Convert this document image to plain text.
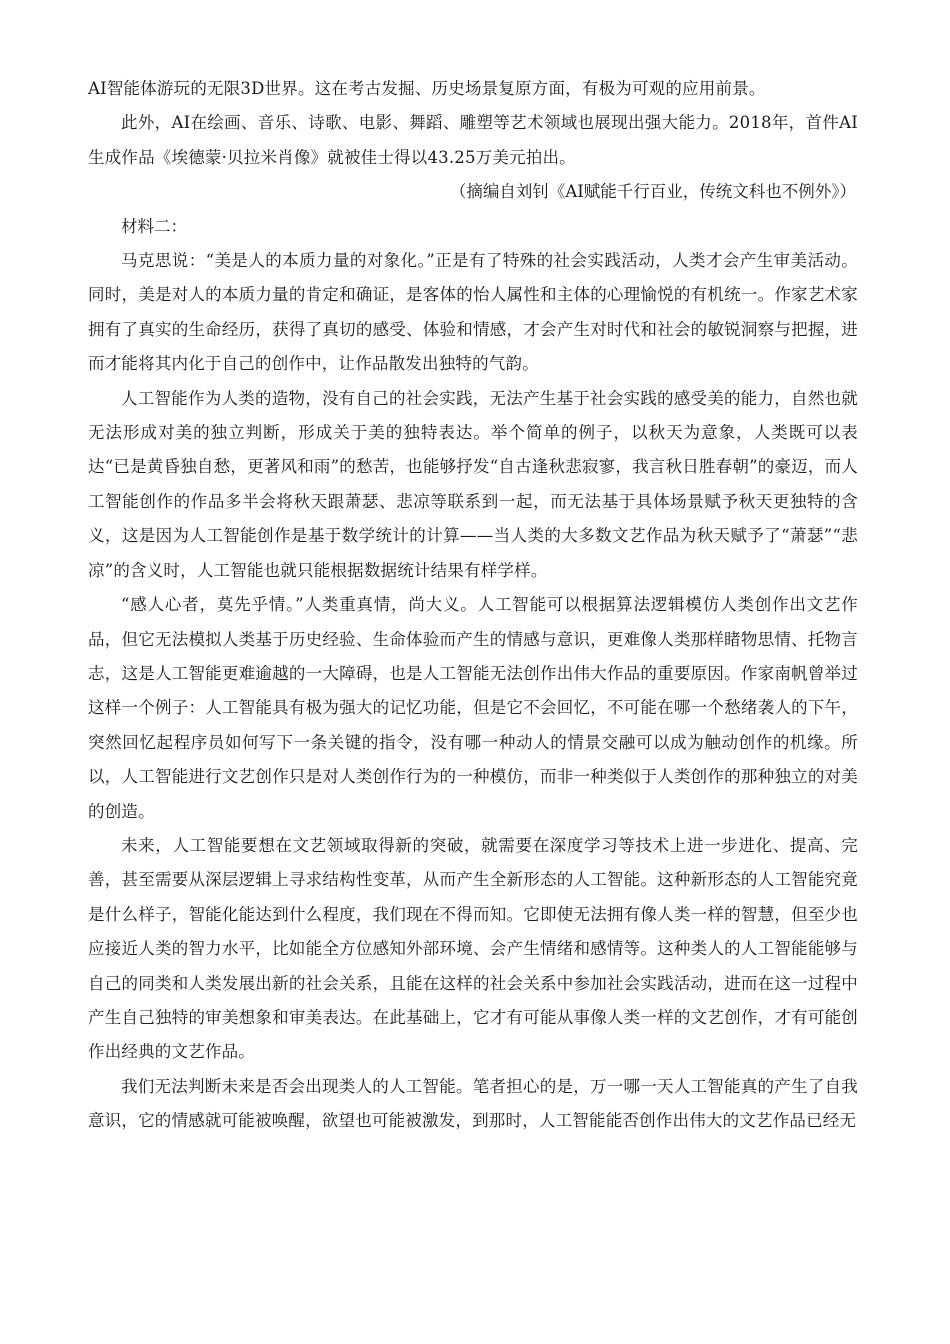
AI智能体游玩的无限3D世界。这在考古发掘、历史场景复原方面，有极为可观的应用前景。

此外，AI在绘画、音乐、诗歌、电影、舞蹈、雕塑等艺术领域也展现出强大能力。2018年，首件AI生成作品《埃德蒙·贝拉米肖像》就被佳士得以43.25万美元拍出。

（摘编自刘钊《AI赋能千行百业，传统文科也不例外》）

材料二：

马克思说：“美是人的本质力量的对象化。”正是有了特殊的社会实践活动，人类才会产生审美活动。同时，美是对人的本质力量的肯定和确证，是客体的怡人属性和主体的心理愉悦的有机统一。作家艺术家拥有了真实的生命经历，获得了真切的感受、体验和情感，才会产生对时代和社会的敏锐洞察与把握，进而才能将其内化于自己的创作中，让作品散发出独特的气韵。

人工智能作为人类的造物，没有自己的社会实践，无法产生基于社会实践的感受美的能力，自然也就无法形成对美的独立判断，形成关于美的独特表达。举个简单的例子，以秋天为意象，人类既可以表达“已是黄昏独自愁，更著风和雨”的愁苦，也能够抒发“自古逢秋悲寂寥，我言秋日胜春朝”的豪迈，而人工智能创作的作品多半会将秋天跟萧瑟、悲凉等联系到一起，而无法基于具体场景赋予秋天更独特的含义，这是因为人工智能创作是基于数学统计的计算——当人类的大多数文艺作品为秋天赋予了“萧瑟”“悲凉”的含义时，人工智能也就只能根据数据统计结果有样学样。

“感人心者，莫先乎情。”人类重真情，尚大义。人工智能可以根据算法逻辑模仿人类创作出文艺作品，但它无法模拟人类基于历史经验、生命体验而产生的情感与意识，更难像人类那样睹物思情、托物言志，这是人工智能更难逾越的一大障碍，也是人工智能无法创作出伟大作品的重要原因。作家南帆曾举过这样一个例子：人工智能具有极为强大的记忆功能，但是它不会回忆，不可能在哪一个愁绪袭人的下午，突然回忆起程序员如何写下一条关键的指令，没有哪一种动人的情景交融可以成为触动创作的机缘。所以，人工智能进行文艺创作只是对人类创作行为的一种模仿，而非一种类似于人类创作的那种独立的对美的创造。

未来，人工智能要想在文艺领域取得新的突破，就需要在深度学习等技术上进一步进化、提高、完善，甚至需要从深层逻辑上寻求结构性变革，从而产生全新形态的人工智能。这种新形态的人工智能究竟是什么样子，智能化能达到什么程度，我们现在不得而知。它即使无法拥有像人类一样的智慧，但至少也应接近人类的智力水平，比如能全方位感知外部环境、会产生情绪和感情等。这种类人的人工智能能够与自己的同类和人类发展出新的社会关系，且能在这样的社会关系中参加社会实践活动，进而在这一过程中产生自己独特的审美想象和审美表达。在此基础上，它才有可能从事像人类一样的文艺创作，才有可能创作出经典的文艺作品。

我们无法判断未来是否会出现类人的人工智能。笔者担心的是，万一哪一天人工智能真的产生了自我意识，它的情感就可能被唤醒，欲望也可能被激发，到那时，人工智能能否创作出伟大的文艺作品已经无
